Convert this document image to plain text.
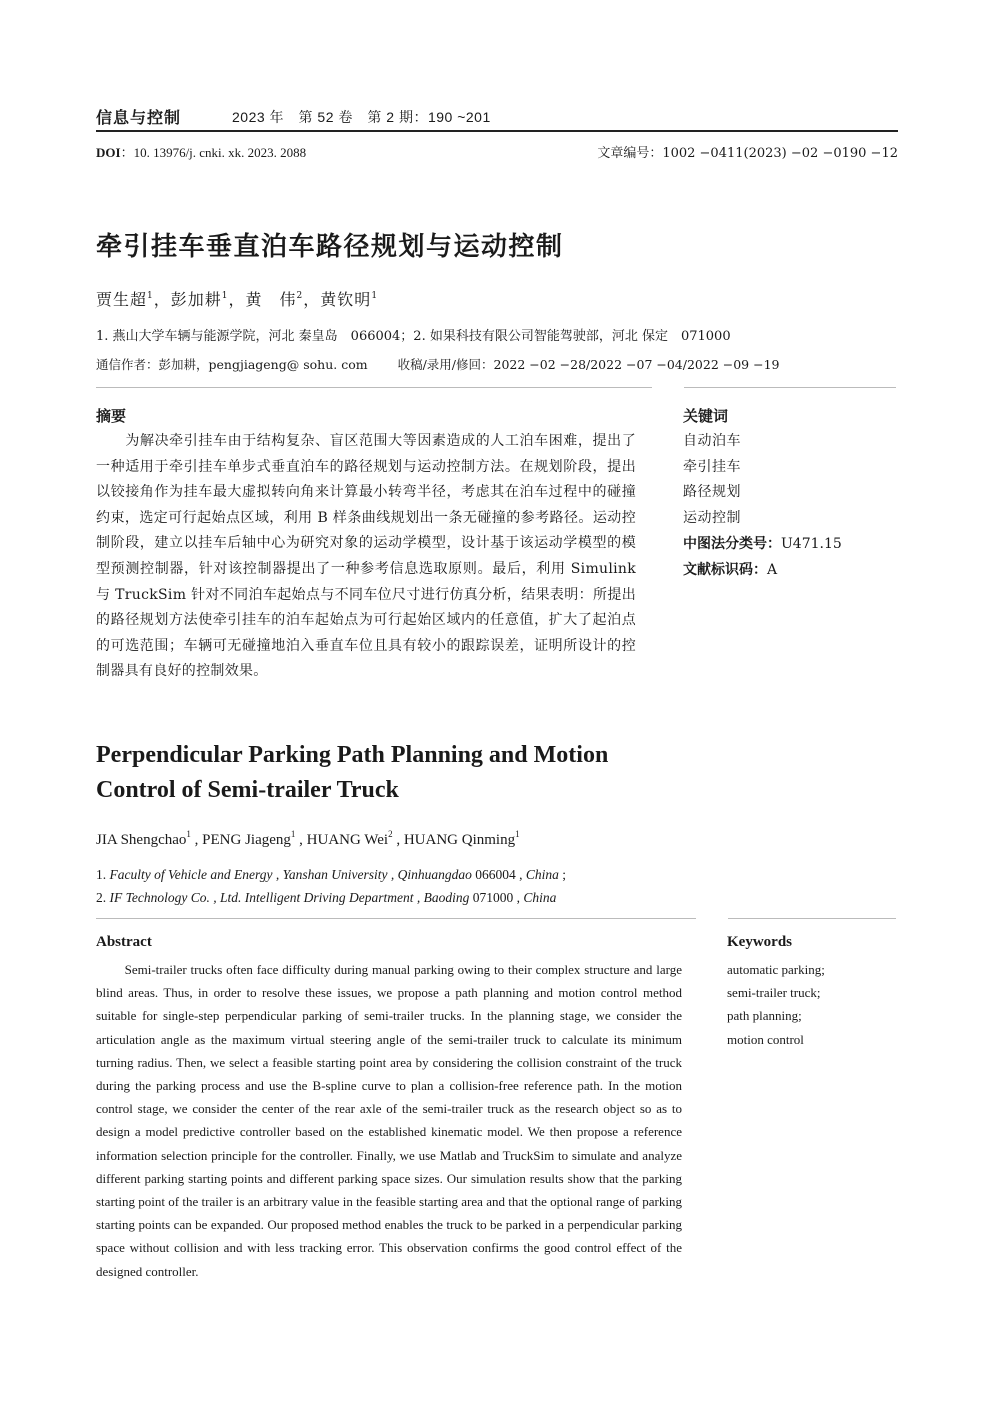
信息与控制	2023 年　第 52 卷　第 2 期：190 ~201
DOI：10. 13976/j. cnki. xk. 2023. 2088	文章编号：1002 −0411(2023) −02 −0190 −12
牵引挂车垂直泊车路径规划与运动控制
贾生超$^1$，彭加耕$^1$，黄　伟$^2$，黄钦明$^1$
1. 燕山大学车辆与能源学院，河北 秦皇岛　066004；2. 如果科技有限公司智能驾驶部，河北 保定　071000
通信作者：彭加耕，pengjiageng@ sohu. com 收稿/录用/修回：2022 −02 −28/2022 −07 −04/2022 −09 −19
摘要

为解决牵引挂车由于结构复杂、盲区范围大等因素造成的人工泊车困难，提出了一种适用于牵引挂车单步式垂直泊车的路径规划与运动控制方法。在规划阶段，提出以铰接角作为挂车最大虚拟转向角来计算最小转弯半径，考虑其在泊车过程中的碰撞约束，选定可行起始点区域，利用 B 样条曲线规划出一条无碰撞的参考路径。运动控制阶段，建立以挂车后轴中心为研究对象的运动学模型，设计基于该运动学模型的模型预测控制器，针对该控制器提出了一种参考信息选取原则。最后，利用 Simulink 与 TruckSim 针对不同泊车起始点与不同车位尺寸进行仿真分析，结果表明：所提出的路径规划方法使牵引挂车的泊车起始点为可行起始区域内的任意值，扩大了起泊点的可选范围；车辆可无碰撞地泊入垂直车位且具有较小的跟踪误差，证明所设计的控制器具有良好的控制效果。

关键词
自动泊车
牵引挂车
路径规划
运动控制
中图法分类号：U471.15
文献标识码：A
Perpendicular Parking Path Planning and Motion Control of Semi-trailer Truck
JIA Shengchao$^1$ , PENG Jiageng$^1$ , HUANG Wei$^2$ , HUANG Qinming$^1$
1. Faculty of Vehicle and Energy , Yanshan University , Qinhuangdao 066004 , China ;
2. IF Technology Co. , Ltd. Intelligent Driving Department , Baoding 071000 , China
Abstract

Semi-trailer trucks often face difficulty during manual parking owing to their complex structure and large blind areas. Thus, in order to resolve these issues, we propose a path planning and motion control method suitable for single-step perpendicular parking of semi-trailer trucks. In the planning stage, we consider the articulation angle as the maximum virtual steering angle of the semi-trailer truck to calculate its minimum turning radius. Then, we select a feasible starting point area by considering the collision constraint of the truck during the parking process and use the B-spline curve to plan a collision-free reference path. In the motion control stage, we consider the center of the rear axle of the semi-trailer truck as the research object so as to design a model predictive controller based on the established kinematic model. We then propose a reference information selection principle for the controller. Finally, we use Matlab and TruckSim to simulate and analyze different parking starting points and different parking space sizes. Our simulation results show that the parking starting point of the trailer is an arbitrary value in the feasible starting area and that the optional range of parking starting points can be expanded. Our proposed method enables the truck to be parked in a perpendicular parking space without collision and with less tracking error. This observation confirms the good control effect of the designed controller.

Keywords
automatic parking;
semi-trailer truck;
path planning;
motion control
